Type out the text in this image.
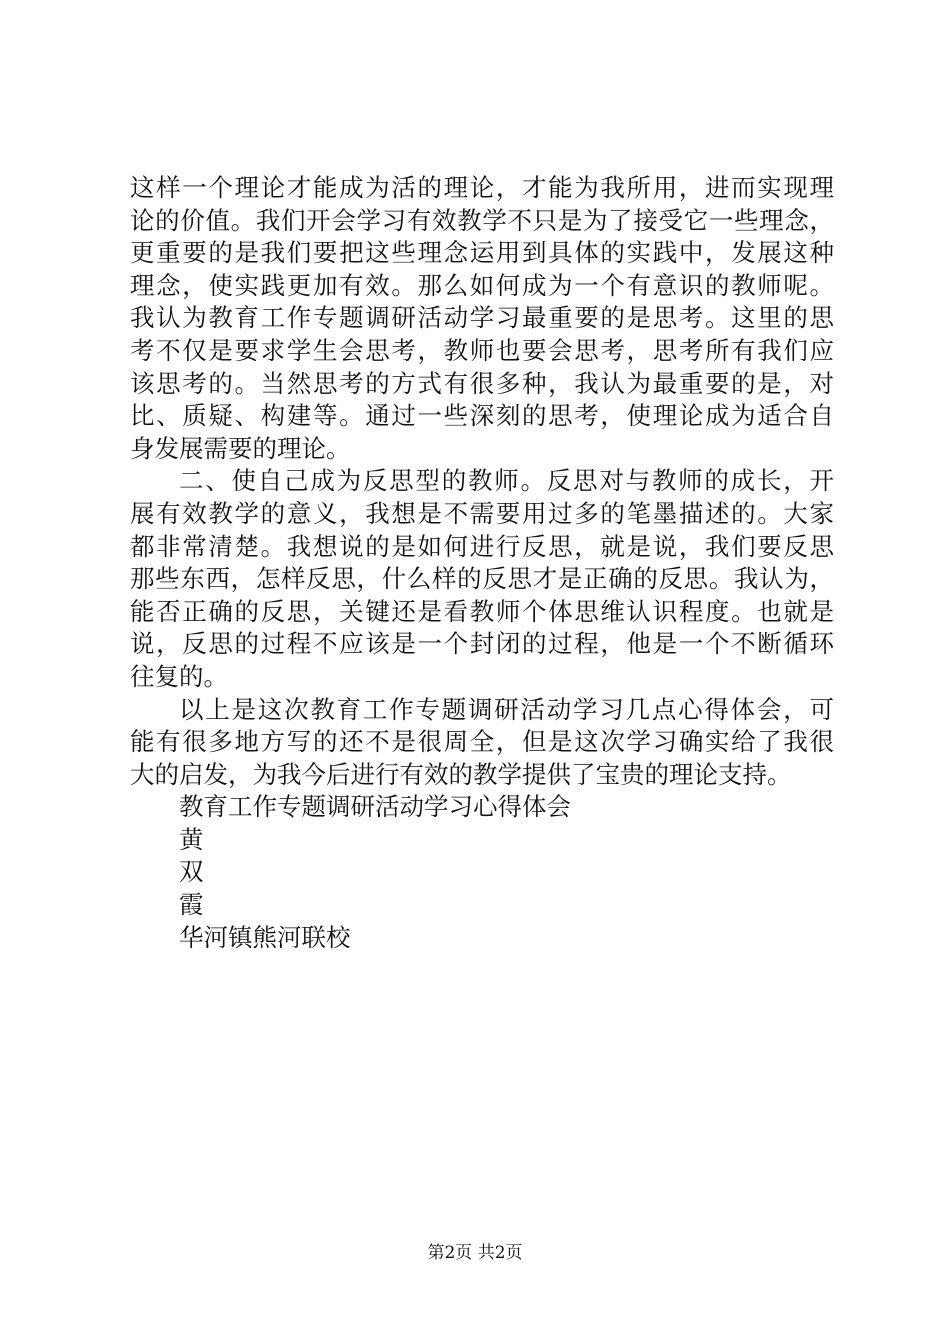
这样一个理论才能成为活的理论，才能为我所用，进而实现理
论的价值。我们开会学习有效教学不只是为了接受它一些理念，
更重要的是我们要把这些理念运用到具体的实践中，发展这种
理念，使实践更加有效。那么如何成为一个有意识的教师呢。
我认为教育工作专题调研活动学习最重要的是思考。这里的思
考不仅是要求学生会思考，教师也要会思考，思考所有我们应
该思考的。当然思考的方式有很多种，我认为最重要的是，对
比、质疑、构建等。通过一些深刻的思考，使理论成为适合自
身发展需要的理论。
二、使自己成为反思型的教师。反思对与教师的成长，开
展有效教学的意义，我想是不需要用过多的笔墨描述的。大家
都非常清楚。我想说的是如何进行反思，就是说，我们要反思
那些东西，怎样反思，什么样的反思才是正确的反思。我认为，
能否正确的反思，关键还是看教师个体思维认识程度。也就是
说，反思的过程不应该是一个封闭的过程，他是一个不断循环
往复的。
以上是这次教育工作专题调研活动学习几点心得体会，可
能有很多地方写的还不是很周全，但是这次学习确实给了我很
大的启发，为我今后进行有效的教学提供了宝贵的理论支持。
教育工作专题调研活动学习心得体会
黄
双
霞
华河镇熊河联校
第2页 共2页
